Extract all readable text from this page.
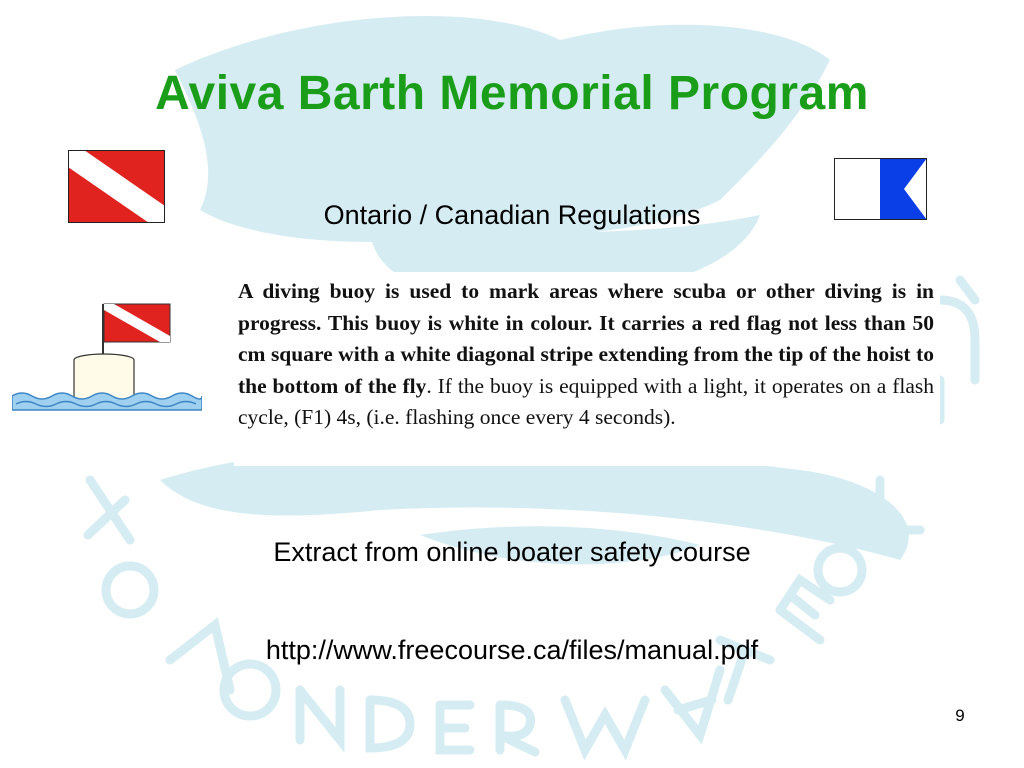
Aviva Barth Memorial Program
Ontario / Canadian Regulations

A diving buoy is used to mark areas where scuba or other diving is in progress. This buoy is white in colour. It carries a red flag not less than 50 cm square with a white diagonal stripe extending from the tip of the hoist to the bottom of the fly. If the buoy is equipped with a light, it operates on a flash cycle, (F1) 4s, (i.e. flashing once every 4 seconds).

Extract from online boater safety course
http://www.freecourse.ca/files/manual.pdf
9
